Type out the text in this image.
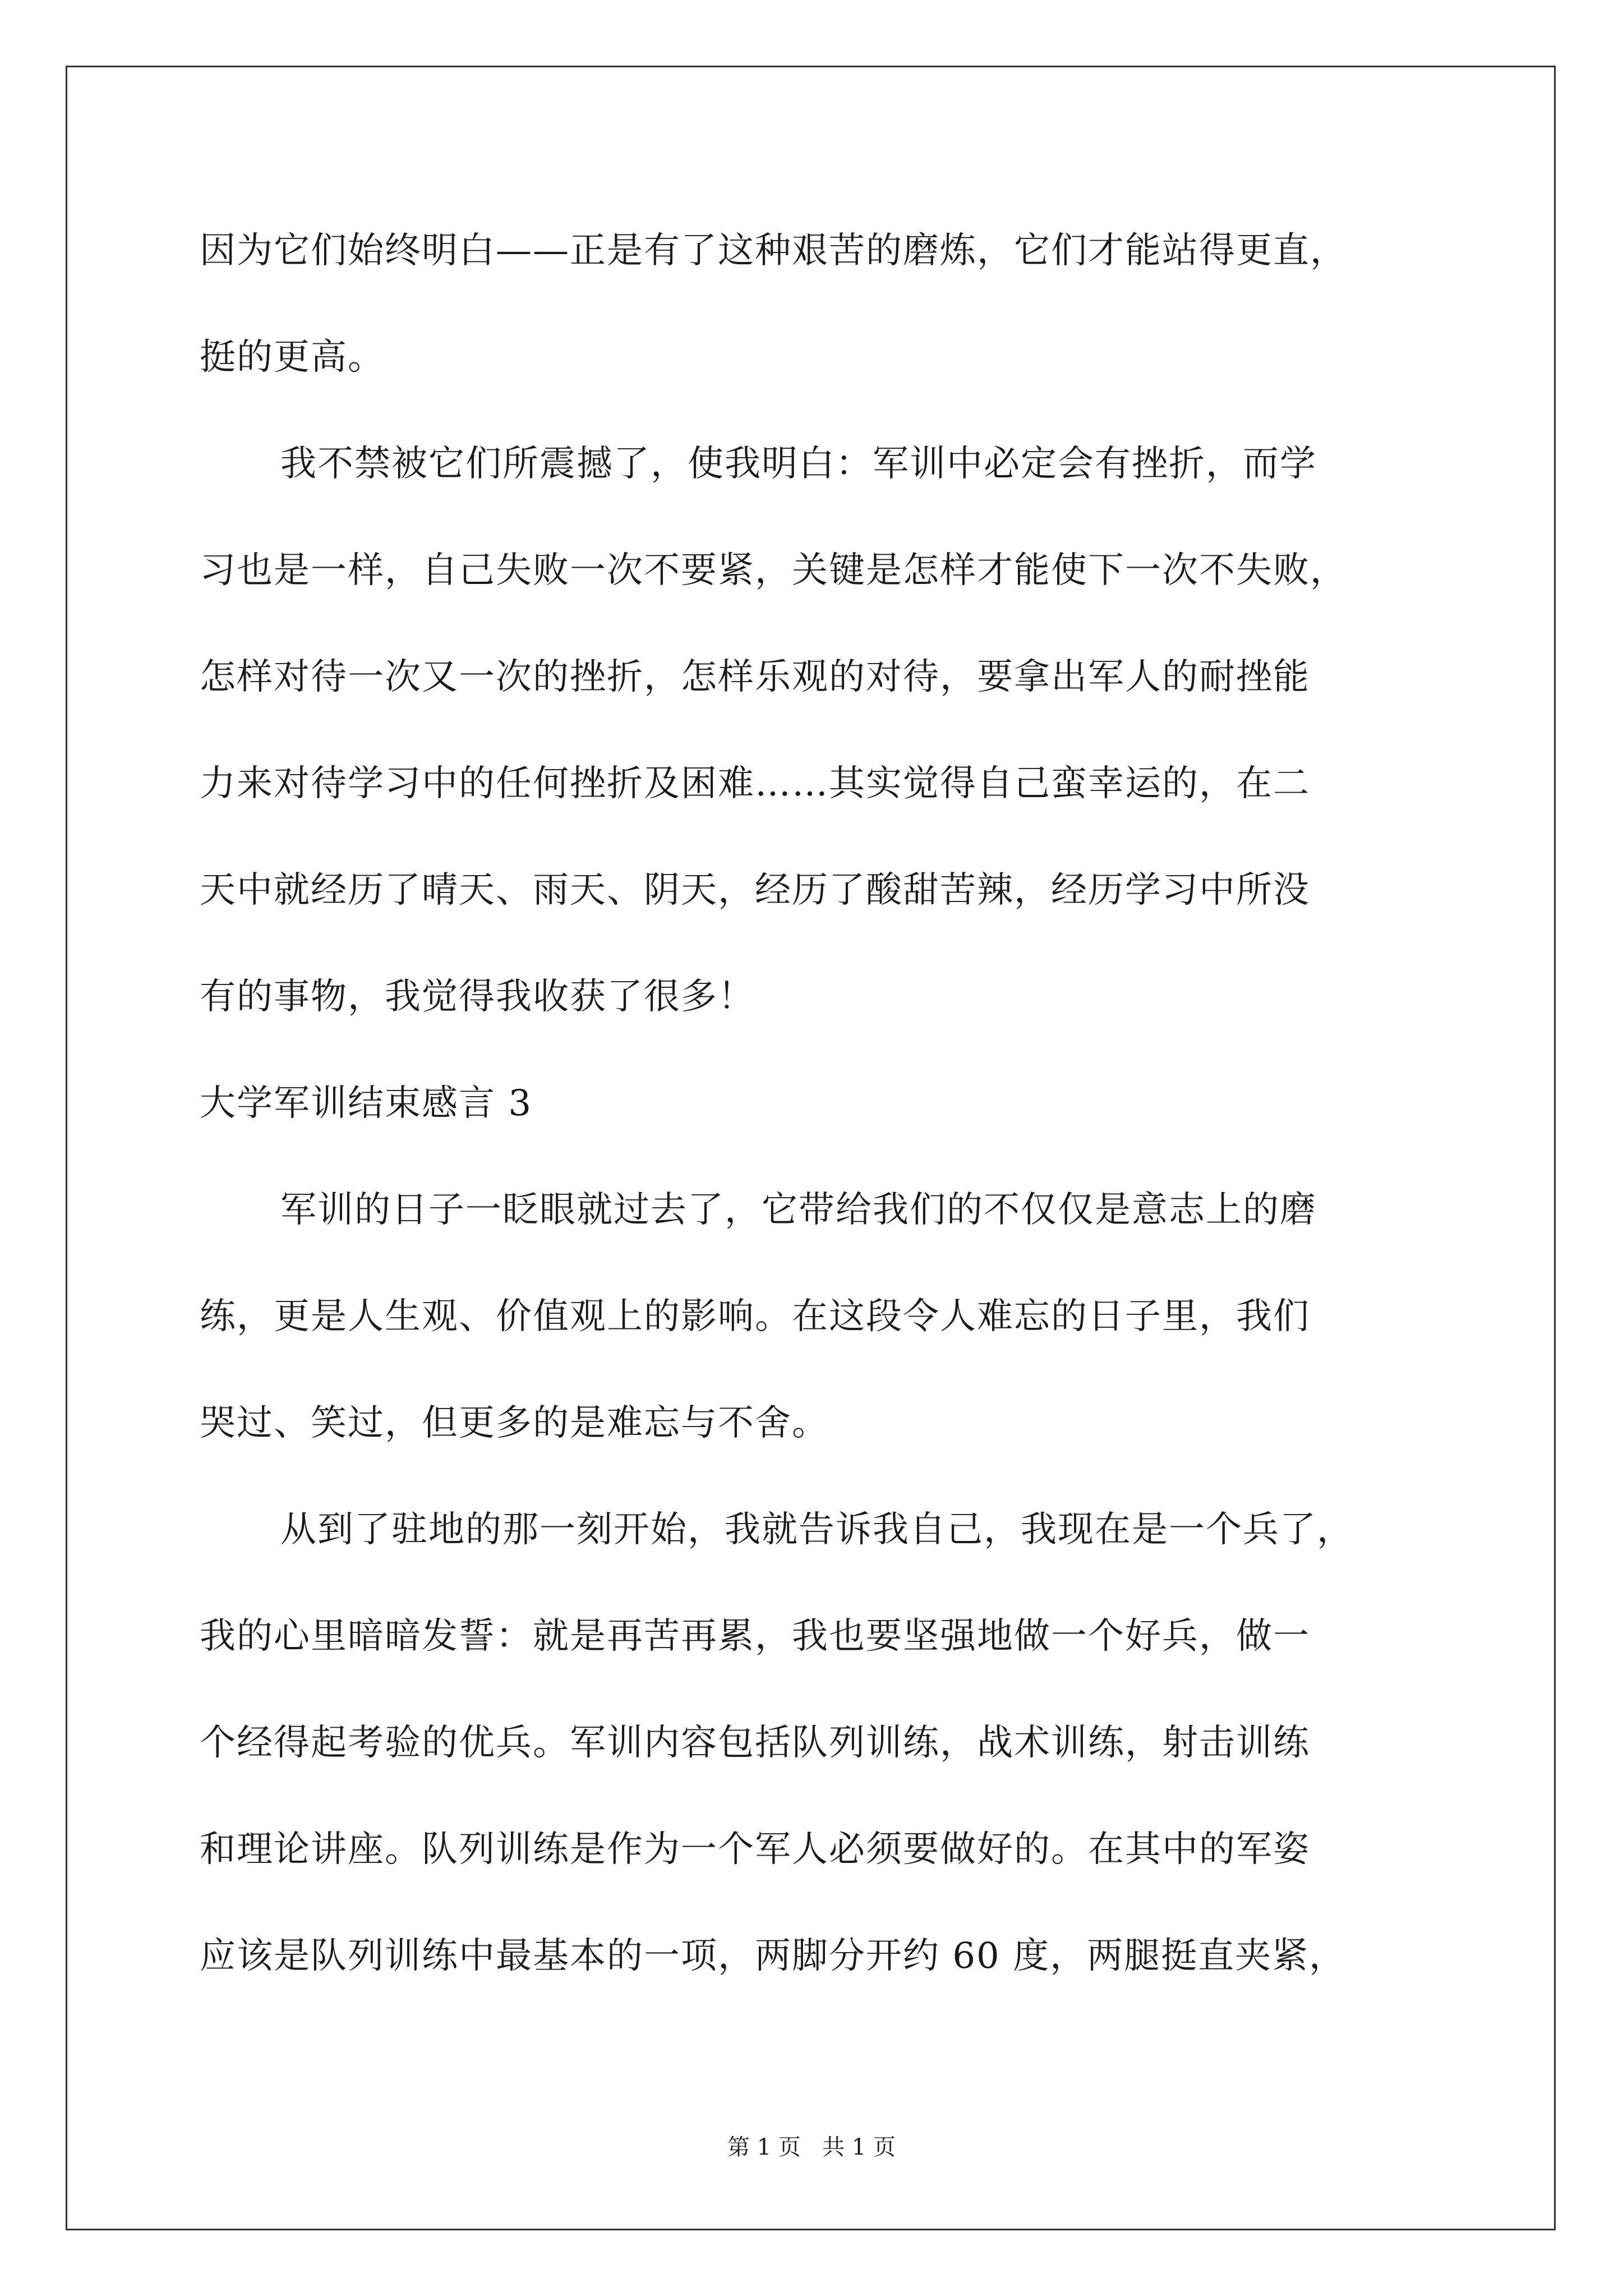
因为它们始终明白——正是有了这种艰苦的磨炼，它们才能站得更直，
挺的更高。
我不禁被它们所震撼了，使我明白：军训中必定会有挫折，而学
习也是一样，自己失败一次不要紧，关键是怎样才能使下一次不失败，
怎样对待一次又一次的挫折，怎样乐观的对待，要拿出军人的耐挫能
力来对待学习中的任何挫折及困难……其实觉得自己蛮幸运的，在二
天中就经历了晴天、雨天、阴天，经历了酸甜苦辣，经历学习中所没
有的事物，我觉得我收获了很多！
大学军训结束感言 3
军训的日子一眨眼就过去了，它带给我们的不仅仅是意志上的磨
练，更是人生观、价值观上的影响。在这段令人难忘的日子里，我们
哭过、笑过，但更多的是难忘与不舍。
从到了驻地的那一刻开始，我就告诉我自己，我现在是一个兵了，
我的心里暗暗发誓：就是再苦再累，我也要坚强地做一个好兵，做一
个经得起考验的优兵。军训内容包括队列训练，战术训练，射击训练
和理论讲座。队列训练是作为一个军人必须要做好的。在其中的军姿
应该是队列训练中最基本的一项，两脚分开约 60 度，两腿挺直夹紧，
第 1 页   共 1 页
